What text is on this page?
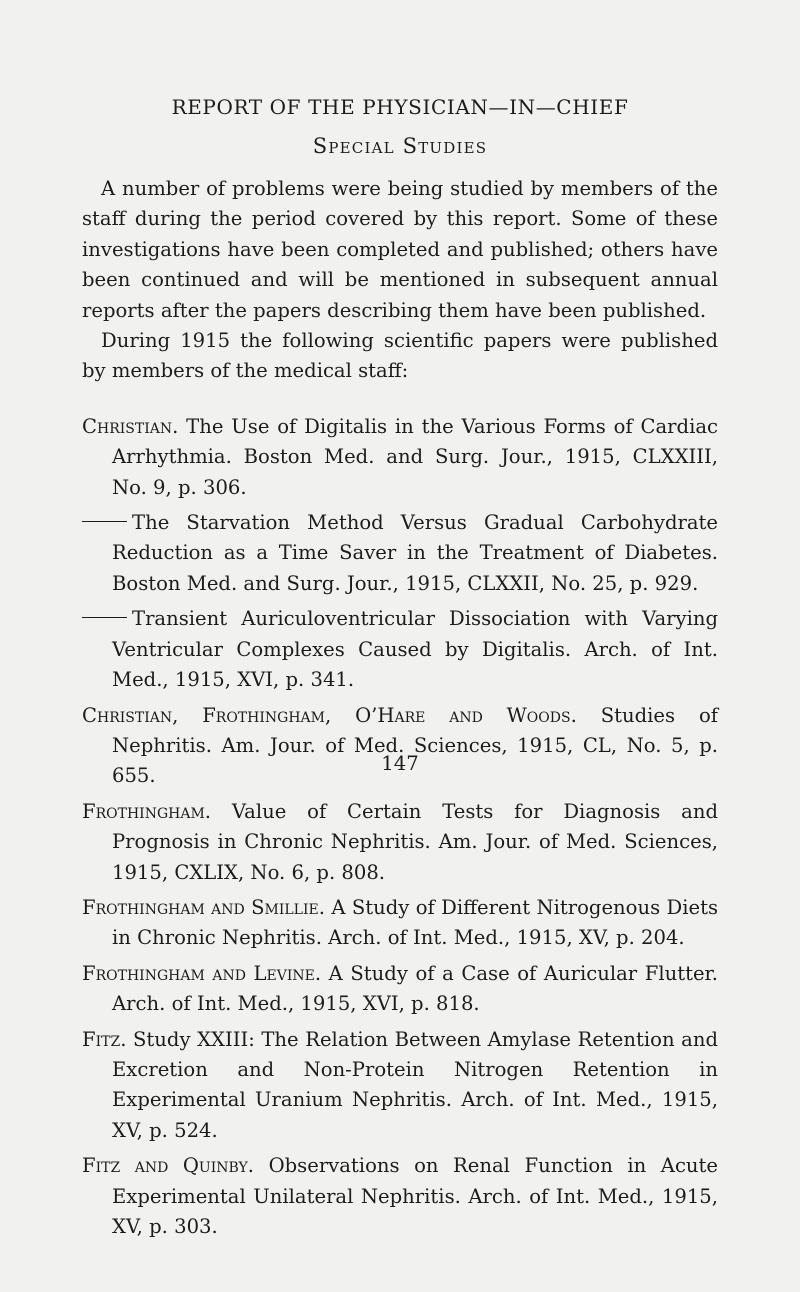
REPORT OF THE PHYSICIAN—IN—CHIEF
Special Studies

A number of problems were being studied by members of the staff during the period covered by this report. Some of these investigations have been completed and published; others have been continued and will be mentioned in subsequent annual reports after the papers describing them have been published.

During 1915 the following scientific papers were published by members of the medical staff:

Christian. The Use of Digitalis in the Various Forms of Cardiac Arrhythmia. Boston Med. and Surg. Jour., 1915, CLXXIII, No. 9, p. 306.

The Starvation Method Versus Gradual Carbohydrate Reduction as a Time Saver in the Treatment of Diabetes. Boston Med. and Surg. Jour., 1915, CLXXII, No. 25, p. 929.

Transient Auriculoventricular Dissociation with Varying Ventricular Complexes Caused by Digitalis. Arch. of Int. Med., 1915, XVI, p. 341.

Christian, Frothingham, O’Hare and Woods. Studies of Nephritis. Am. Jour. of Med. Sciences, 1915, CL, No. 5, p. 655.

Frothingham. Value of Certain Tests for Diagnosis and Prognosis in Chronic Nephritis. Am. Jour. of Med. Sciences, 1915, CXLIX, No. 6, p. 808.

Frothingham and Smillie. A Study of Different Nitrogenous Diets in Chronic Nephritis. Arch. of Int. Med., 1915, XV, p. 204.

Frothingham and Levine. A Study of a Case of Auricular Flutter. Arch. of Int. Med., 1915, XVI, p. 818.

Fitz. Study XXIII: The Relation Between Amylase Retention and Excretion and Non-Protein Nitrogen Retention in Experimental Uranium Nephritis. Arch. of Int. Med., 1915, XV, p. 524.

Fitz and Quinby. Observations on Renal Function in Acute Experimental Unilateral Nephritis. Arch. of Int. Med., 1915, XV, p. 303.

147
